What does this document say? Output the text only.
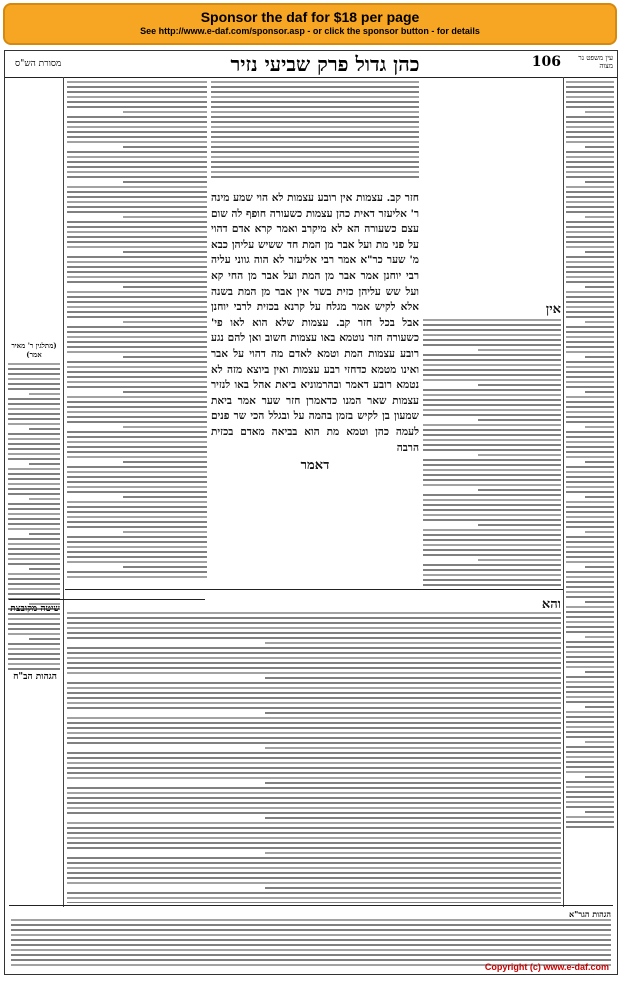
Sponsor the daf for $18 per page
See http://www.e-daf.com/sponsor.asp - or click the sponsor button - for details
מסורת הש"ס	כהן גדול פרק שביעי נזיר	106	עין משפט נר מצוה
(מתלגין ר' מאיר אמר)
שיטה מקובצת
הגהות הב"ח
אין
חזר קב. עצמות אין רובע עצמות לא הוי שמע מינה ר' אליעזר דאית כהן עצמות כשעורה חופף לה שום עצם כשעורה הא לא מיקרב ואמר קרא אדם דהוי על פני מת ועל אבר מן המת חד ששיש עליהן כבא מ' שער כר"א אמר רבי אליעזר לא הוה גווני עליה רבי יוחנן אמר אבר מן המת ועל אבר מן החי קא ועל שש עליהן כזית בשר אין אבר מן המת בשנה אלא לקיש אמר מגלח על קרנא בכזית לרבי יוחנן אבל בכל חזר קב. עצמות שלא הוא לאו פי' כשעורה חזר נוטמא באו עצמות חשוב ואן להם נגע רובע עצמות המת וטמא לאדם מה דהוי על אבר ואינו מטמא כדחזי רבע עצמות ואין ביוצא מזה לא נטמא רובע דאמר ובהרמוניא ביאת אהל באו לנזיר עצמות שאר המנו כדאמרן חזר שער אמר ביאת שמעון בן לקיש בזמן בהמה על ובגלל הכי שר פנים לעמה כהן וטמא מת הוא בביאה מאדם בכזית הרבה
דאמר
והא
הגהות הגר"א
Copyright (c) www.e-daf.com
